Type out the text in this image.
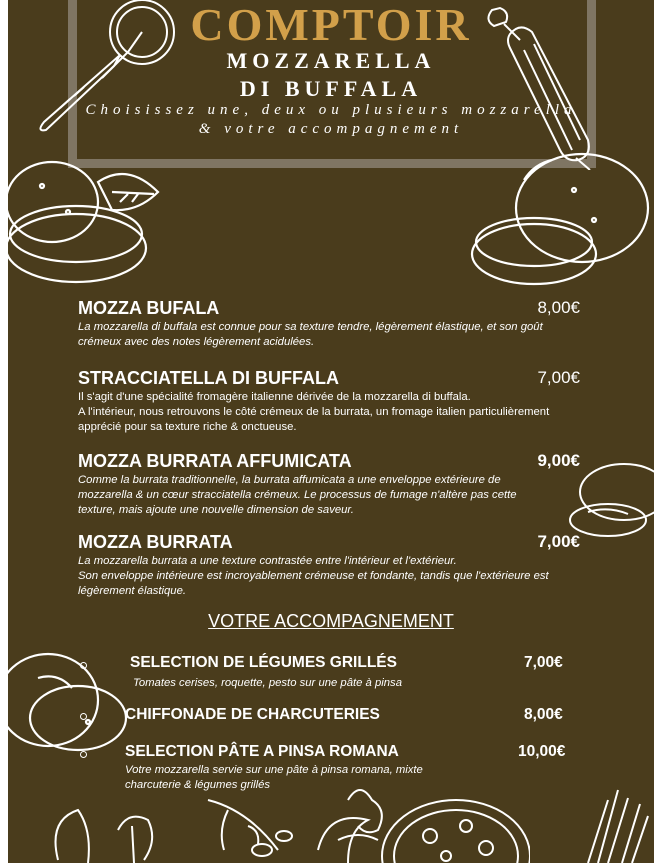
COMPTOIR
MOZZARELLA
DI BUFFALA
Choisissez une, deux ou plusieurs mozzarella
& votre accompagnement
MOZZA BUFALA	8,00€
La mozzarella di buffala est connue pour sa texture tendre, légèrement élastique, et son goût
crémeux avec des notes légèrement acidulées.
STRACCIATELLA DI BUFFALA	7,00€
Il s'agit d'une spécialité fromagère italienne dérivée de la mozzarella di buffala.
A l'intérieur, nous retrouvons le côté crémeux de la burrata, un fromage italien particulièrement
apprécié pour sa texture riche & onctueuse.
MOZZA BURRATA AFFUMICATA	9,00€
Comme la burrata traditionnelle, la burrata affumicata a une enveloppe extérieure de
mozzarella & un cœur stracciatella crémeux. Le processus de fumage n'altère pas cette
texture, mais ajoute une nouvelle dimension de saveur.
MOZZA BURRATA	7,00€
La mozzarella burrata a une texture contrastée entre l'intérieur et l'extérieur.
Son enveloppe intérieure est incroyablement crémeuse et fondante, tandis que l'extérieure est
légèrement élastique.
VOTRE ACCOMPAGNEMENT
SELECTION DE LÉGUMES GRILLÉS	7,00€
Tomates cerises, roquette, pesto sur une pâte à pinsa
CHIFFONADE DE CHARCUTERIES	8,00€
SELECTION PÂTE A PINSA ROMANA	10,00€
Votre mozzarella servie sur une pâte à pinsa romana, mixte
charcuterie & légumes grillés
